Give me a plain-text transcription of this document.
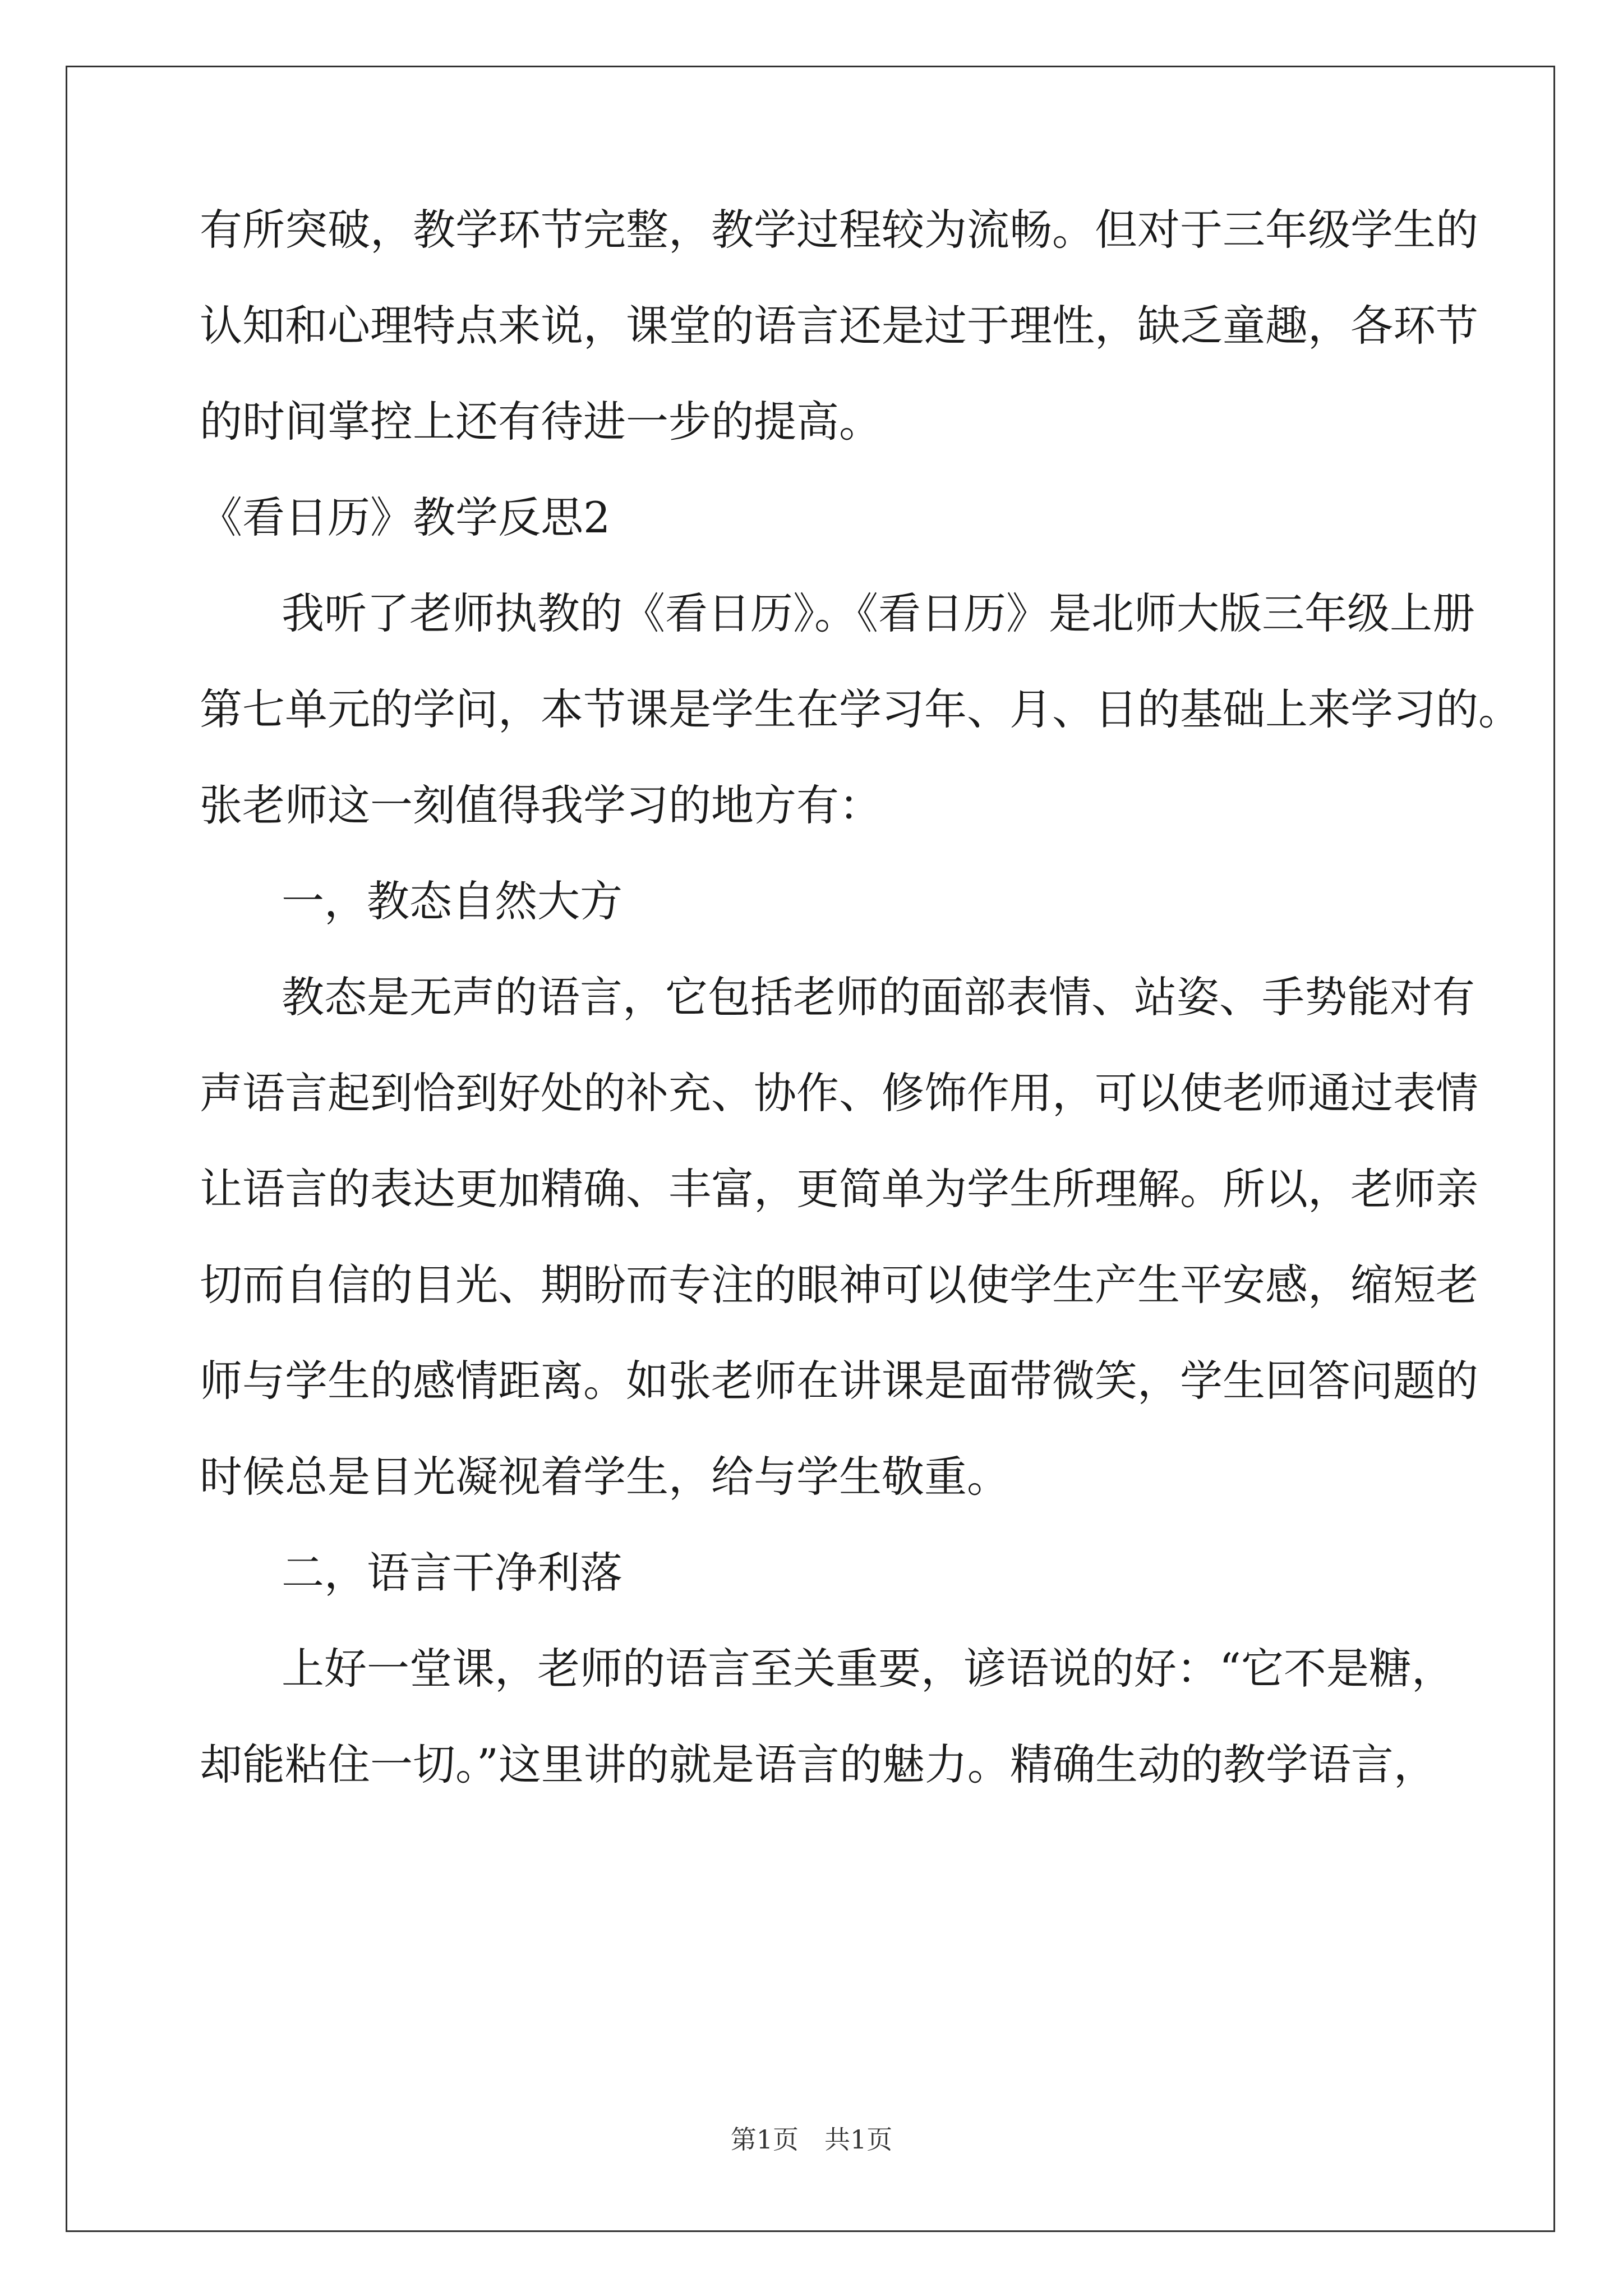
有所突破，教学环节完整，教学过程较为流畅。但对于三年级学生的
认知和心理特点来说，课堂的语言还是过于理性，缺乏童趣，各环节
的时间掌控上还有待进一步的提高。
《看日历》教学反思2
我听了老师执教的《看日历》。《看日历》是北师大版三年级上册
第七单元的学问，本节课是学生在学习年、月、日的基础上来学习的。
张老师这一刻值得我学习的地方有：
一，教态自然大方
教态是无声的语言，它包括老师的面部表情、站姿、手势能对有
声语言起到恰到好处的补充、协作、修饰作用，可以使老师通过表情
让语言的表达更加精确、丰富，更简单为学生所理解。所以，老师亲
切而自信的目光、期盼而专注的眼神可以使学生产生平安感，缩短老
师与学生的感情距离。如张老师在讲课是面带微笑，学生回答问题的
时候总是目光凝视着学生，给与学生敬重。
二，语言干净利落
上好一堂课，老师的语言至关重要，谚语说的好：“它不是糖，
却能粘住一切。”这里讲的就是语言的魅力。精确生动的教学语言，
第1页　共1页
